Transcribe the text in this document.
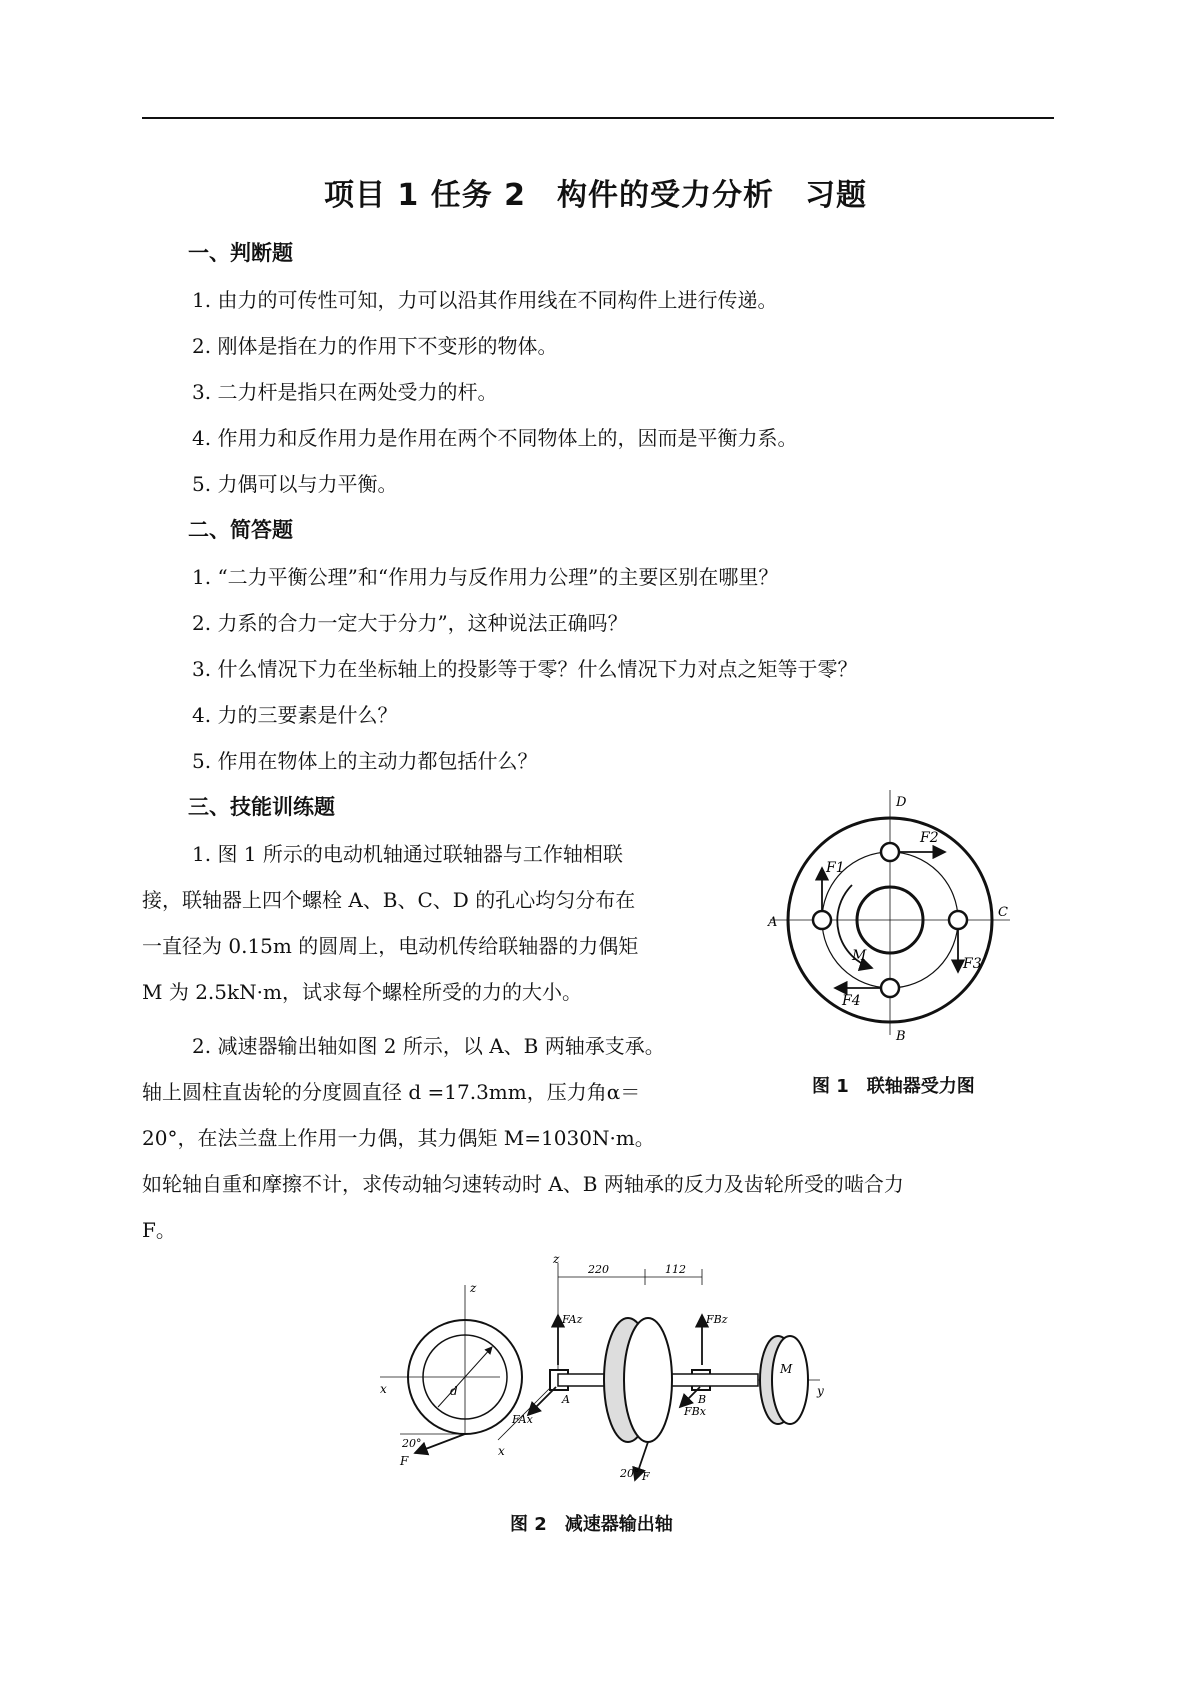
项目 1 任务 2　构件的受力分析　习题
一、判断题
1. 由力的可传性可知，力可以沿其作用线在不同构件上进行传递。
2. 刚体是指在力的作用下不变形的物体。
3. 二力杆是指只在两处受力的杆。
4. 作用力和反作用力是作用在两个不同物体上的，因而是平衡力系。
5. 力偶可以与力平衡。
二、简答题
1. “二力平衡公理”和“作用力与反作用力公理”的主要区别在哪里？
2. 力系的合力一定大于分力”，这种说法正确吗？
3. 什么情况下力在坐标轴上的投影等于零？什么情况下力对点之矩等于零？
4. 力的三要素是什么？
5. 作用在物体上的主动力都包括什么？
三、技能训练题
1. 图 1 所示的电动机轴通过联轴器与工作轴相联
接，联轴器上四个螺栓 A、B、C、D 的孔心均匀分布在
一直径为 0.15m 的圆周上，电动机传给联轴器的力偶矩
M 为 2.5kN·m，试求每个螺栓所受的力的大小。
2. 减速器输出轴如图 2 所示，以 A、B 两轴承支承。
轴上圆柱直齿轮的分度圆直径 d =17.3mm，压力角α＝
20°，在法兰盘上作用一力偶，其力偶矩 M=1030N·m。
如轮轴自重和摩擦不计，求传动轴匀速转动时 A、B 两轴承的反力及齿轮所受的啮合力
F。
D
B
A
C
F2
F1
F3
F4
M
图 1　联轴器受力图
z
x	d
20°
F
z
y
x
220	112
M
FAz
FAx
FBz
FBx
A	B
20° F
图 2　减速器输出轴
